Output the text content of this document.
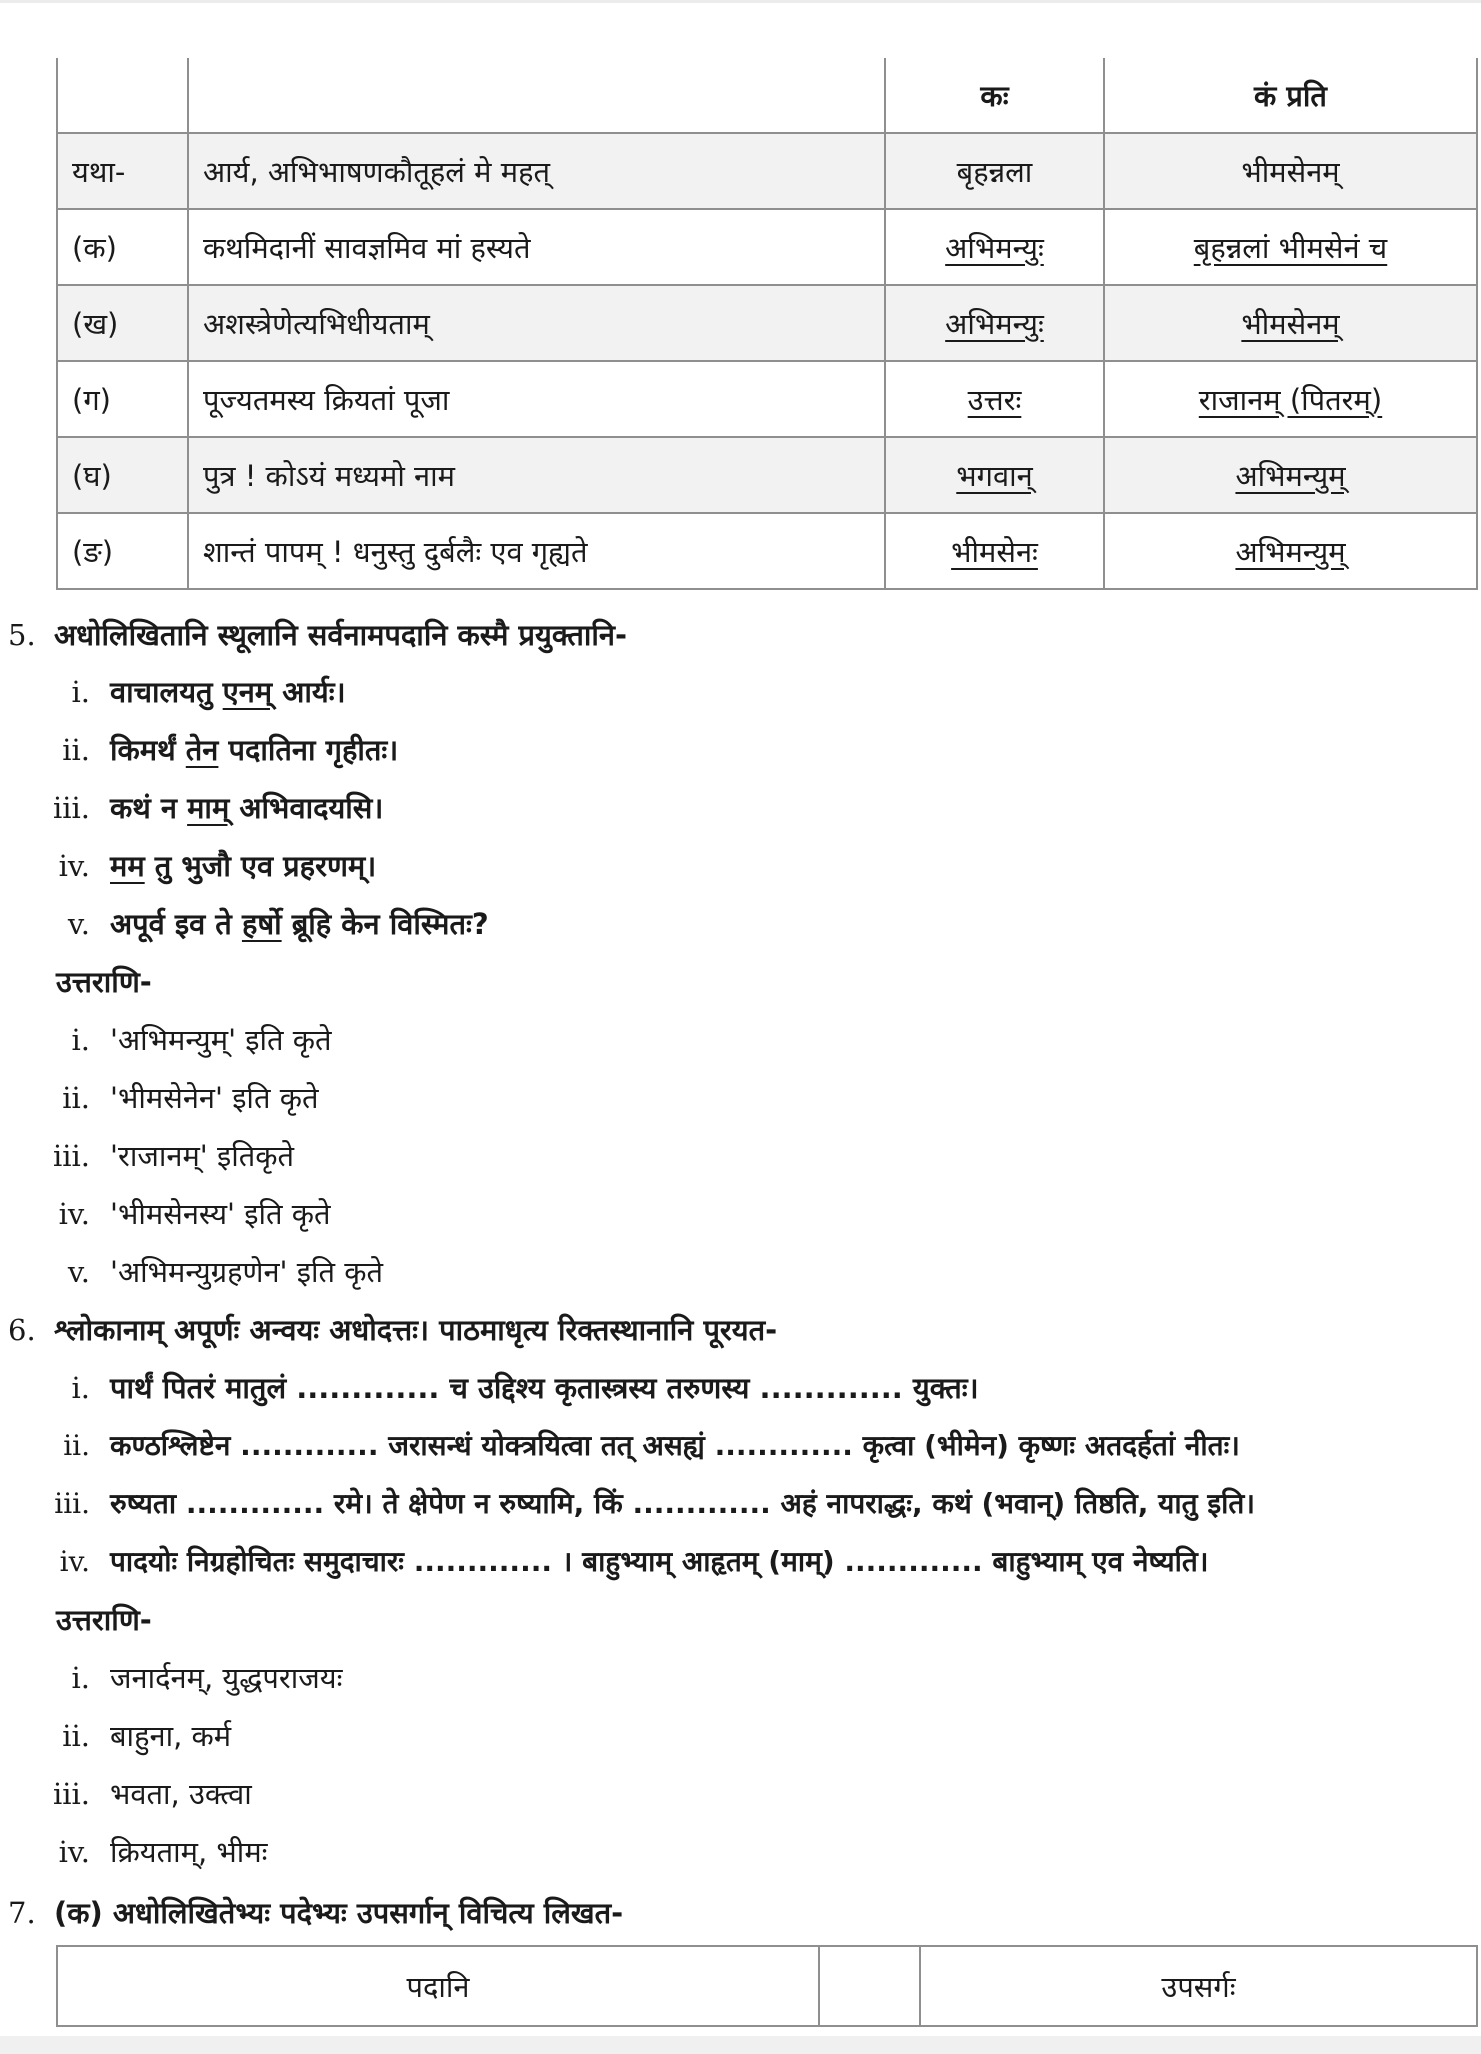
		कः	कं प्रति
यथा-	आर्य, अभिभाषणकौतूहलं मे महत्	बृहन्नला	भीमसेनम्
(क)	कथमिदानीं सावज्ञमिव मां हस्यते	अभिमन्युः	बृहन्नलां भीमसेनं च
(ख)	अशस्त्रेणेत्यभिधीयताम्	अभिमन्युः	भीमसेनम्
(ग)	पूज्यतमस्य क्रियतां पूजा	उत्तरः	राजानम् (पितरम्)
(घ)	पुत्र ! कोऽयं मध्यमो नाम	भगवान्	अभिमन्युम्
(ङ)	शान्तं पापम् ! धनुस्तु दुर्बलैः एव गृह्यते	भीमसेनः	अभिमन्युम्
5. अधोलिखितानि स्थूलानि सर्वनामपदानि कस्मै प्रयुक्तानि-
i. वाचालयतु एनम् आर्यः।
ii. किमर्थं तेन पदातिना गृहीतः।
iii. कथं न माम् अभिवादयसि।
iv. मम तु भुजौ एव प्रहरणम्।
v. अपूर्व इव ते हर्षो ब्रूहि केन विस्मितः?
उत्तराणि-
i. 'अभिमन्युम्' इति कृते
ii. 'भीमसेनेन' इति कृते
iii. 'राजानम्' इतिकृते
iv. 'भीमसेनस्य' इति कृते
v. 'अभिमन्युग्रहणेन' इति कृते
6. श्लोकानाम् अपूर्णः अन्वयः अधोदत्तः। पाठमाधृत्य रिक्तस्थानानि पूरयत-
i. पार्थं पितरं मातुलं ............. च उद्दिश्य कृतास्त्रस्य तरुणस्य ............. युक्तः।
ii. कण्ठश्लिष्टेन ............. जरासन्धं योक्त्रयित्वा तत् असह्यं ............. कृत्वा (भीमेन) कृष्णः अतदर्हतां नीतः।
iii. रुष्यता ............. रमे। ते क्षेपेण न रुष्यामि, किं ............. अहं नापराद्धः, कथं (भवान्) तिष्ठति, यातु इति।
iv. पादयोः निग्रहोचितः समुदाचारः ............. । बाहुभ्याम् आहृतम् (माम्) ............. बाहुभ्याम् एव नेष्यति।
उत्तराणि-
i. जनार्दनम्, युद्धपराजयः
ii. बाहुना, कर्म
iii. भवता, उक्त्वा
iv. क्रियताम्, भीमः
7. (क) अधोलिखितेभ्यः पदेभ्यः उपसर्गान् विचित्य लिखत-
पदानि		उपसर्गः
